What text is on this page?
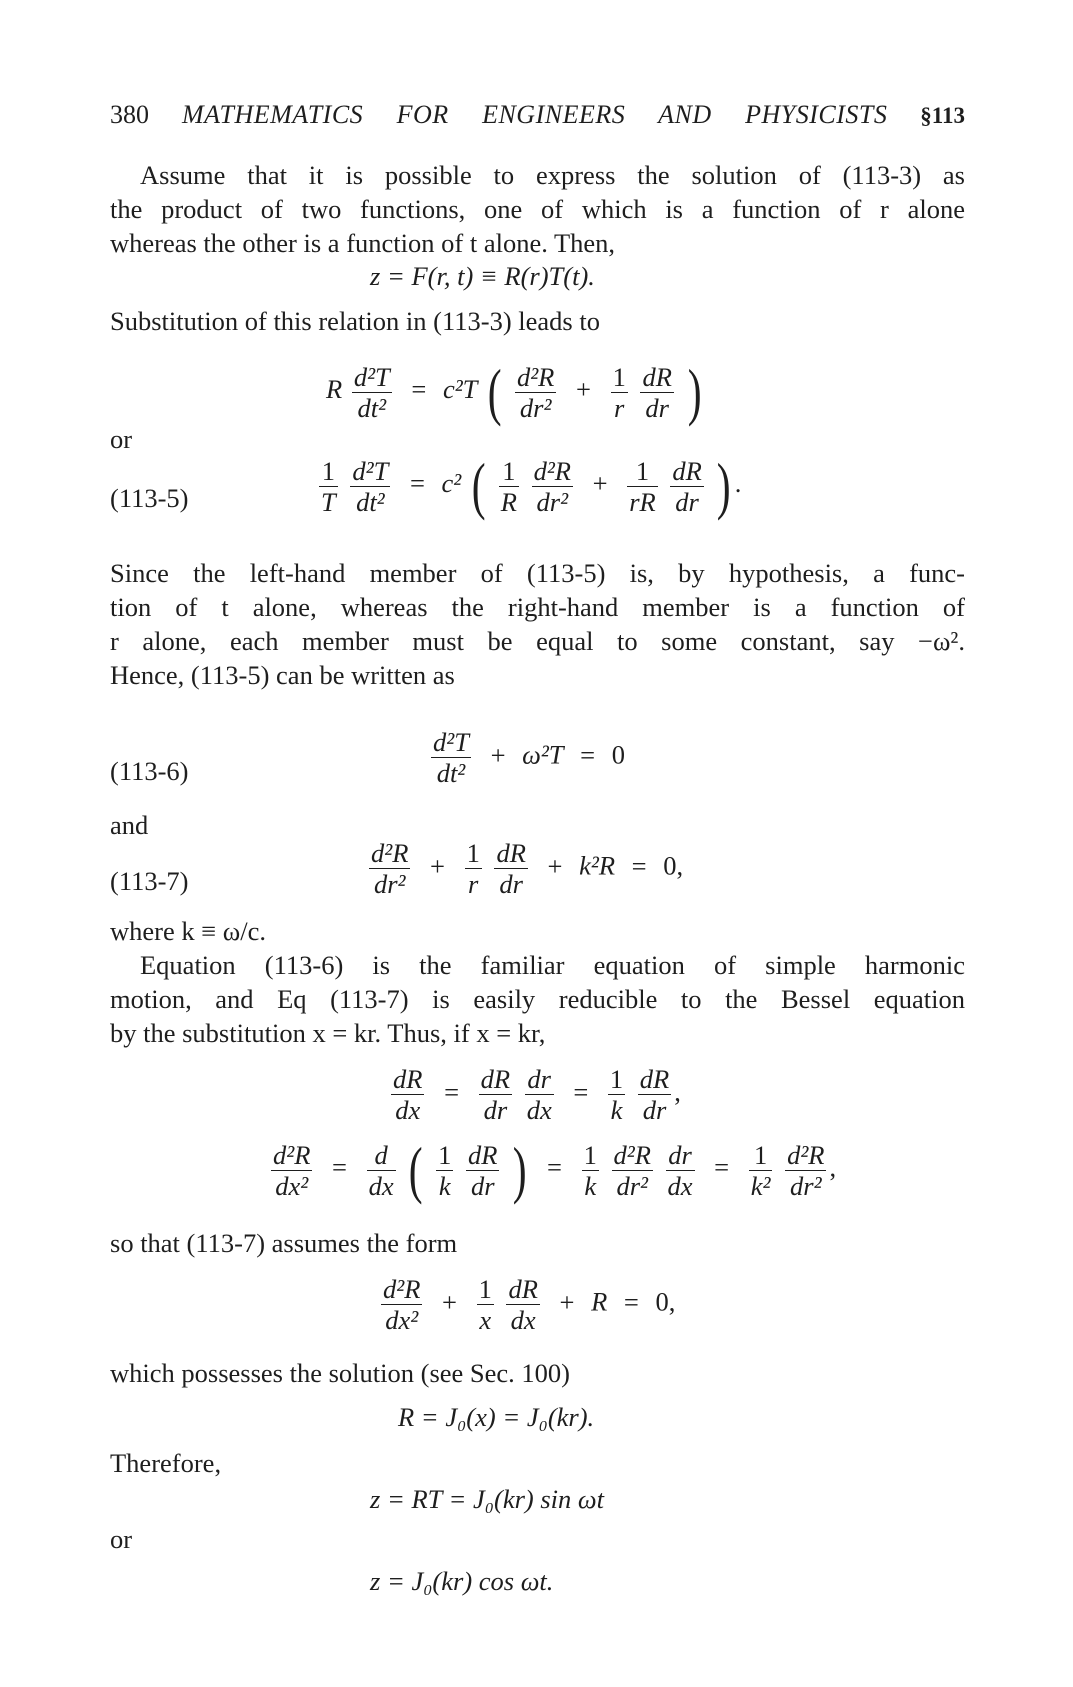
380 MATHEMATICS FOR ENGINEERS AND PHYSICISTS §113
Assume that it is possible to express the solution of (113-3) as
the product of two functions, one of which is a function of r alone
whereas the other is a function of t alone. Then,
z = F(r, t) ≡ R(r)T(t).
Substitution of this relation in (113-3) leads to
R $\frac{\text{d²T}}{\text{dt²}} = c^2T$ ( $\frac{\text{d²R}}{\text{dr²}} + \frac{1}{r}$
$\frac{dR}{dr}$ )
or
(113-5)	$\frac{1}{T}$
$\frac{\text{d²T}}{\text{dt²}} = c^2$ ( $\frac{1}{R}$
$\frac{\text{d²R}}{\text{dr²}} + \frac{1}{rR}$
$\frac{dR}{dr}$ ) .
Since the left-hand member of (113-5) is, by hypothesis, a func-
tion of t alone, whereas the right-hand member is a function of
r alone, each member must be equal to some constant, say −ω².
Hence, (113-5) can be written as
(113-6)	$\frac{\text{d²T}}{\text{dt²}} + \omega^2T = 0$
and
(113-7)	$\frac{\text{d²R}}{\text{dr²}} + \frac{1}{r}$
$\frac{dR}{dr} + k^2R = 0$,
where k ≡ ω/c.
Equation (113-6) is the familiar equation of simple harmonic
motion, and Eq (113-7) is easily reducible to the Bessel equation
by the substitution x = kr. Thus, if x = kr,
$\frac{dR}{dx} = \frac{dR}{dr}$
$\frac{dr}{dx} = \frac{1}{k}$
$\frac{dR}{dr}$ ,
$\frac{\text{d²R}}{\text{dx²}} = \frac{d}{dx}$ ( $\frac{1}{k}$
$\frac{dR}{dr}$ ) = $\frac{1}{k}$
$\frac{\text{d²R}}{\text{dr²}}$
$\frac{dr}{dx} = \frac{1}{\text{k²}}$
$\frac{\text{d²R}}{\text{dr²}}$ ,
so that (113-7) assumes the form
$\frac{\text{d²R}}{\text{dx²}} + \frac{1}{x}$
$\frac{dR}{dx} + R = 0$,
which possesses the solution (see Sec. 100)
R = J₀(x) = J₀(kr).
Therefore,
z = RT = J₀(kr) sin ωt
or
z = J₀(kr) cos ωt.
